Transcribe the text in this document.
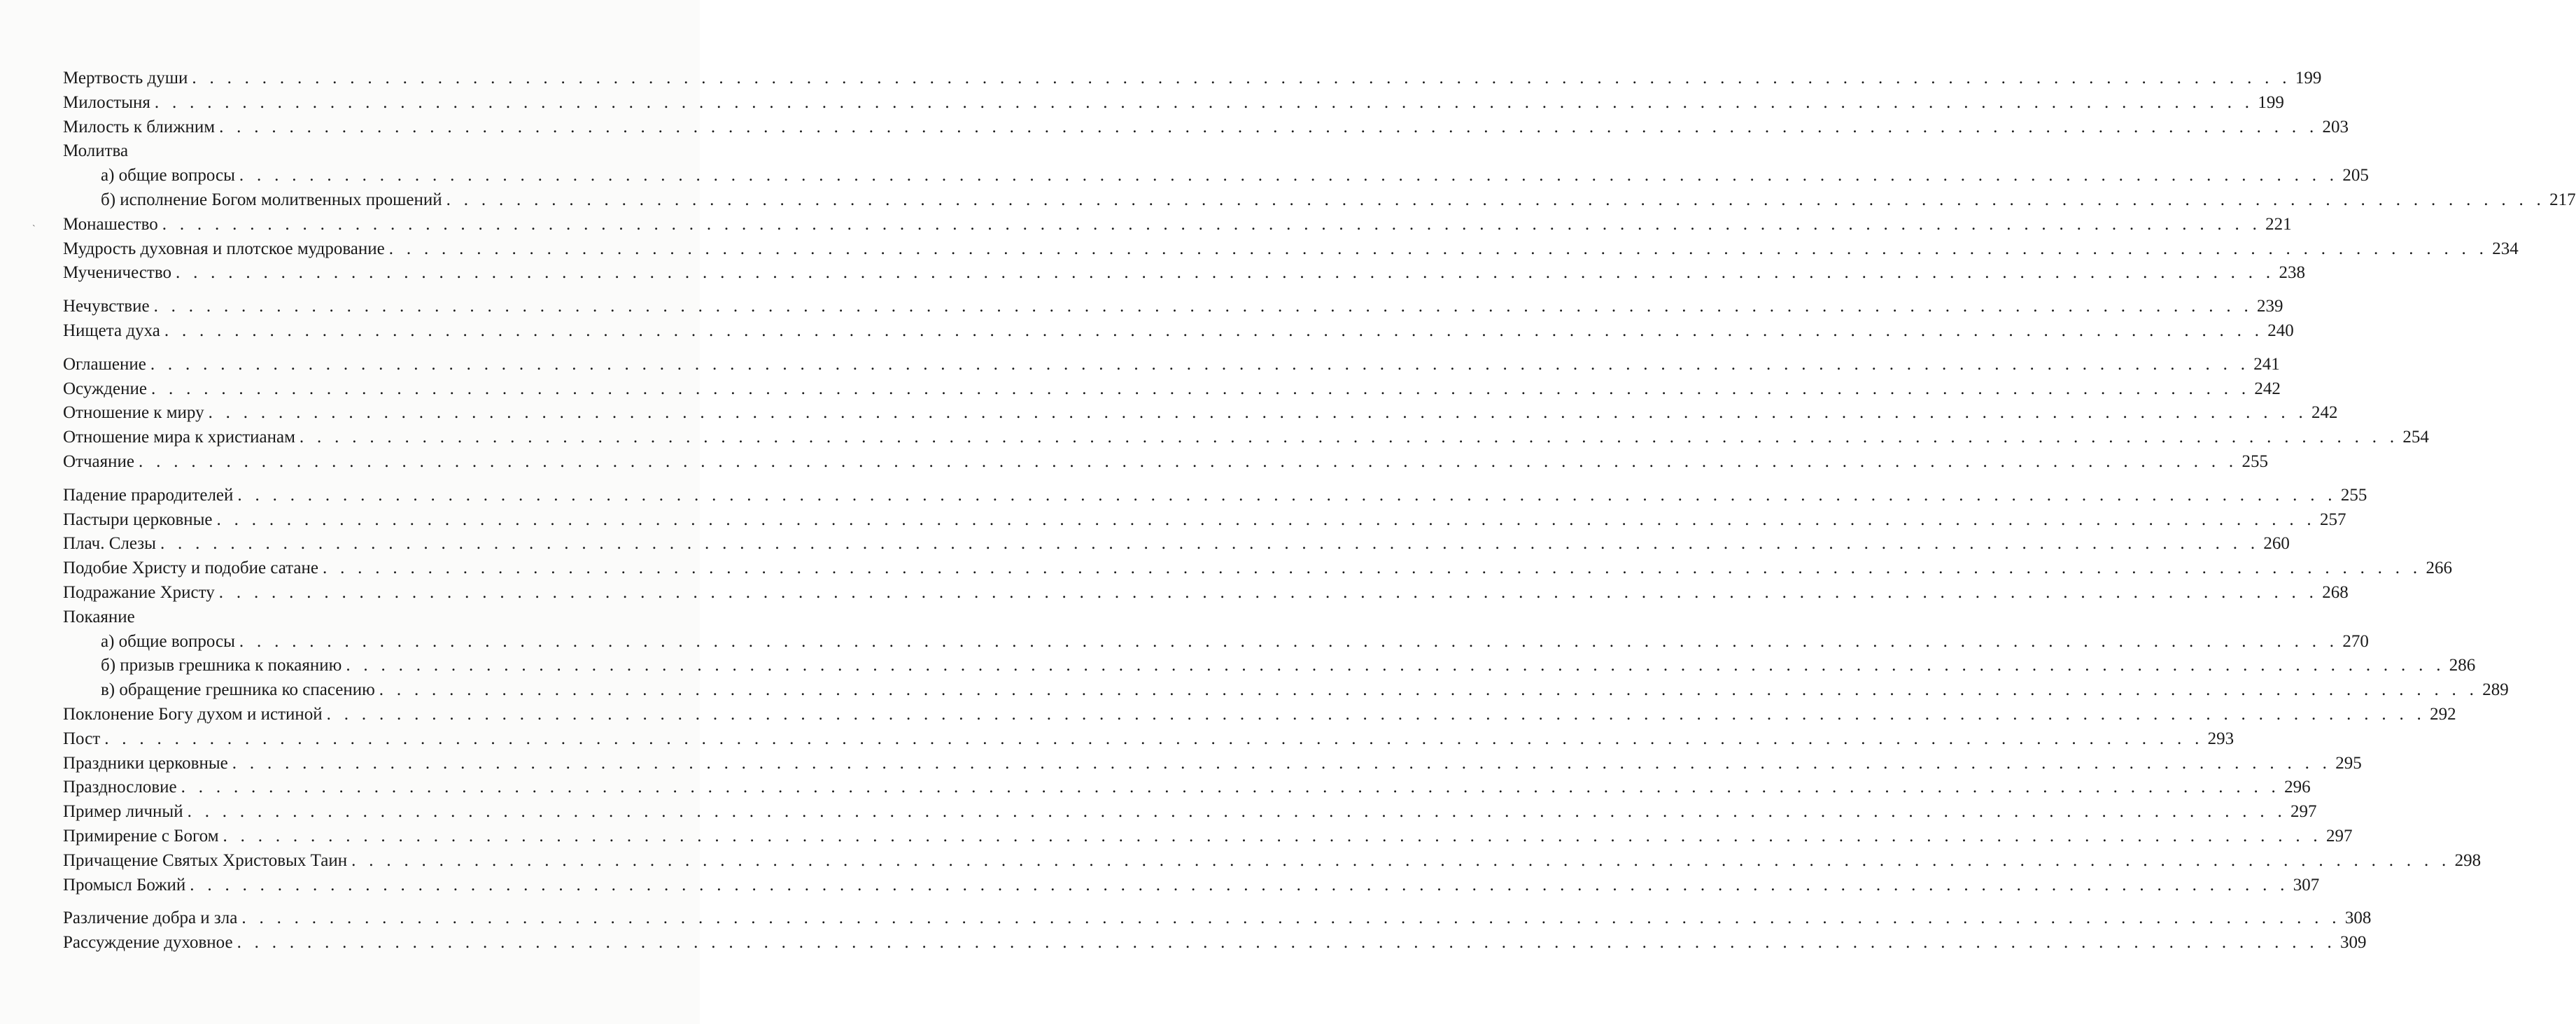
`
Мертвость души . . . . . . . . . . . . . . . . . . . . . . . . . . . . . . . . . . . . . . . . . . . . . . . . . . . . . . . . . . . . . . . . . . . . . . . . . . . . . . . . . . . . . . . . . . . . . . . . . . . . . . . . . . . . . . . . . . . . . . . . 199
Милостыня . . . . . . . . . . . . . . . . . . . . . . . . . . . . . . . . . . . . . . . . . . . . . . . . . . . . . . . . . . . . . . . . . . . . . . . . . . . . . . . . . . . . . . . . . . . . . . . . . . . . . . . . . . . . . . . . . . . . . . . . 199
Милость к ближним . . . . . . . . . . . . . . . . . . . . . . . . . . . . . . . . . . . . . . . . . . . . . . . . . . . . . . . . . . . . . . . . . . . . . . . . . . . . . . . . . . . . . . . . . . . . . . . . . . . . . . . . . . . . . . . . . . . . . . . . 203
Молитва
а) общие вопросы . . . . . . . . . . . . . . . . . . . . . . . . . . . . . . . . . . . . . . . . . . . . . . . . . . . . . . . . . . . . . . . . . . . . . . . . . . . . . . . . . . . . . . . . . . . . . . . . . . . . . . . . . . . . . . . . . . . . . . . . 205
б) исполнение Богом молитвенных прошений . . . . . . . . . . . . . . . . . . . . . . . . . . . . . . . . . . . . . . . . . . . . . . . . . . . . . . . . . . . . . . . . . . . . . . . . . . . . . . . . . . . . . . . . . . . . . . . . . . . . . . . . . . . . . . . . . . . . . . . . 217
Монашество . . . . . . . . . . . . . . . . . . . . . . . . . . . . . . . . . . . . . . . . . . . . . . . . . . . . . . . . . . . . . . . . . . . . . . . . . . . . . . . . . . . . . . . . . . . . . . . . . . . . . . . . . . . . . . . . . . . . . . . . 221
Мудрость духовная и плотское мудрование . . . . . . . . . . . . . . . . . . . . . . . . . . . . . . . . . . . . . . . . . . . . . . . . . . . . . . . . . . . . . . . . . . . . . . . . . . . . . . . . . . . . . . . . . . . . . . . . . . . . . . . . . . . . . . . . . . . . . . . . 234
Мученичество . . . . . . . . . . . . . . . . . . . . . . . . . . . . . . . . . . . . . . . . . . . . . . . . . . . . . . . . . . . . . . . . . . . . . . . . . . . . . . . . . . . . . . . . . . . . . . . . . . . . . . . . . . . . . . . . . . . . . . . . 238
Нечувствие . . . . . . . . . . . . . . . . . . . . . . . . . . . . . . . . . . . . . . . . . . . . . . . . . . . . . . . . . . . . . . . . . . . . . . . . . . . . . . . . . . . . . . . . . . . . . . . . . . . . . . . . . . . . . . . . . . . . . . . . 239
Нищета духа . . . . . . . . . . . . . . . . . . . . . . . . . . . . . . . . . . . . . . . . . . . . . . . . . . . . . . . . . . . . . . . . . . . . . . . . . . . . . . . . . . . . . . . . . . . . . . . . . . . . . . . . . . . . . . . . . . . . . . . . 240
Оглашение . . . . . . . . . . . . . . . . . . . . . . . . . . . . . . . . . . . . . . . . . . . . . . . . . . . . . . . . . . . . . . . . . . . . . . . . . . . . . . . . . . . . . . . . . . . . . . . . . . . . . . . . . . . . . . . . . . . . . . . . 241
Осуждение . . . . . . . . . . . . . . . . . . . . . . . . . . . . . . . . . . . . . . . . . . . . . . . . . . . . . . . . . . . . . . . . . . . . . . . . . . . . . . . . . . . . . . . . . . . . . . . . . . . . . . . . . . . . . . . . . . . . . . . . 242
Отношение к миру . . . . . . . . . . . . . . . . . . . . . . . . . . . . . . . . . . . . . . . . . . . . . . . . . . . . . . . . . . . . . . . . . . . . . . . . . . . . . . . . . . . . . . . . . . . . . . . . . . . . . . . . . . . . . . . . . . . . . . . . 242
Отношение мира к христианам . . . . . . . . . . . . . . . . . . . . . . . . . . . . . . . . . . . . . . . . . . . . . . . . . . . . . . . . . . . . . . . . . . . . . . . . . . . . . . . . . . . . . . . . . . . . . . . . . . . . . . . . . . . . . . . . . . . . . . . . 254
Отчаяние . . . . . . . . . . . . . . . . . . . . . . . . . . . . . . . . . . . . . . . . . . . . . . . . . . . . . . . . . . . . . . . . . . . . . . . . . . . . . . . . . . . . . . . . . . . . . . . . . . . . . . . . . . . . . . . . . . . . . . . . 255
Падение прародителей . . . . . . . . . . . . . . . . . . . . . . . . . . . . . . . . . . . . . . . . . . . . . . . . . . . . . . . . . . . . . . . . . . . . . . . . . . . . . . . . . . . . . . . . . . . . . . . . . . . . . . . . . . . . . . . . . . . . . . . . 255
Пастыри церковные . . . . . . . . . . . . . . . . . . . . . . . . . . . . . . . . . . . . . . . . . . . . . . . . . . . . . . . . . . . . . . . . . . . . . . . . . . . . . . . . . . . . . . . . . . . . . . . . . . . . . . . . . . . . . . . . . . . . . . . . 257
Плач. Слезы . . . . . . . . . . . . . . . . . . . . . . . . . . . . . . . . . . . . . . . . . . . . . . . . . . . . . . . . . . . . . . . . . . . . . . . . . . . . . . . . . . . . . . . . . . . . . . . . . . . . . . . . . . . . . . . . . . . . . . . . 260
Подобие Христу и подобие сатане . . . . . . . . . . . . . . . . . . . . . . . . . . . . . . . . . . . . . . . . . . . . . . . . . . . . . . . . . . . . . . . . . . . . . . . . . . . . . . . . . . . . . . . . . . . . . . . . . . . . . . . . . . . . . . . . . . . . . . . . 266
Подражание Христу . . . . . . . . . . . . . . . . . . . . . . . . . . . . . . . . . . . . . . . . . . . . . . . . . . . . . . . . . . . . . . . . . . . . . . . . . . . . . . . . . . . . . . . . . . . . . . . . . . . . . . . . . . . . . . . . . . . . . . . . 268
Покаяние
а) общие вопросы . . . . . . . . . . . . . . . . . . . . . . . . . . . . . . . . . . . . . . . . . . . . . . . . . . . . . . . . . . . . . . . . . . . . . . . . . . . . . . . . . . . . . . . . . . . . . . . . . . . . . . . . . . . . . . . . . . . . . . . . 270
б) призыв грешника к покаянию . . . . . . . . . . . . . . . . . . . . . . . . . . . . . . . . . . . . . . . . . . . . . . . . . . . . . . . . . . . . . . . . . . . . . . . . . . . . . . . . . . . . . . . . . . . . . . . . . . . . . . . . . . . . . . . . . . . . . . . . 286
в) обращение грешника ко спасению . . . . . . . . . . . . . . . . . . . . . . . . . . . . . . . . . . . . . . . . . . . . . . . . . . . . . . . . . . . . . . . . . . . . . . . . . . . . . . . . . . . . . . . . . . . . . . . . . . . . . . . . . . . . . . . . . . . . . . . . 289
Поклонение Богу духом и истиной . . . . . . . . . . . . . . . . . . . . . . . . . . . . . . . . . . . . . . . . . . . . . . . . . . . . . . . . . . . . . . . . . . . . . . . . . . . . . . . . . . . . . . . . . . . . . . . . . . . . . . . . . . . . . . . . . . . . . . . . 292
Пост . . . . . . . . . . . . . . . . . . . . . . . . . . . . . . . . . . . . . . . . . . . . . . . . . . . . . . . . . . . . . . . . . . . . . . . . . . . . . . . . . . . . . . . . . . . . . . . . . . . . . . . . . . . . . . . . . . . . . . . . 293
Праздники церковные . . . . . . . . . . . . . . . . . . . . . . . . . . . . . . . . . . . . . . . . . . . . . . . . . . . . . . . . . . . . . . . . . . . . . . . . . . . . . . . . . . . . . . . . . . . . . . . . . . . . . . . . . . . . . . . . . . . . . . . . 295
Празднословие . . . . . . . . . . . . . . . . . . . . . . . . . . . . . . . . . . . . . . . . . . . . . . . . . . . . . . . . . . . . . . . . . . . . . . . . . . . . . . . . . . . . . . . . . . . . . . . . . . . . . . . . . . . . . . . . . . . . . . . . 296
Пример личный . . . . . . . . . . . . . . . . . . . . . . . . . . . . . . . . . . . . . . . . . . . . . . . . . . . . . . . . . . . . . . . . . . . . . . . . . . . . . . . . . . . . . . . . . . . . . . . . . . . . . . . . . . . . . . . . . . . . . . . . 297
Примирение с Богом . . . . . . . . . . . . . . . . . . . . . . . . . . . . . . . . . . . . . . . . . . . . . . . . . . . . . . . . . . . . . . . . . . . . . . . . . . . . . . . . . . . . . . . . . . . . . . . . . . . . . . . . . . . . . . . . . . . . . . . . 297
Причащение Святых Христовых Таин . . . . . . . . . . . . . . . . . . . . . . . . . . . . . . . . . . . . . . . . . . . . . . . . . . . . . . . . . . . . . . . . . . . . . . . . . . . . . . . . . . . . . . . . . . . . . . . . . . . . . . . . . . . . . . . . . . . . . . . . 298
Промысл Божий . . . . . . . . . . . . . . . . . . . . . . . . . . . . . . . . . . . . . . . . . . . . . . . . . . . . . . . . . . . . . . . . . . . . . . . . . . . . . . . . . . . . . . . . . . . . . . . . . . . . . . . . . . . . . . . . . . . . . . . . 307
Различение добра и зла . . . . . . . . . . . . . . . . . . . . . . . . . . . . . . . . . . . . . . . . . . . . . . . . . . . . . . . . . . . . . . . . . . . . . . . . . . . . . . . . . . . . . . . . . . . . . . . . . . . . . . . . . . . . . . . . . . . . . . . . 308
Рассуждение духовное . . . . . . . . . . . . . . . . . . . . . . . . . . . . . . . . . . . . . . . . . . . . . . . . . . . . . . . . . . . . . . . . . . . . . . . . . . . . . . . . . . . . . . . . . . . . . . . . . . . . . . . . . . . . . . . . . . . . . . . . 309
